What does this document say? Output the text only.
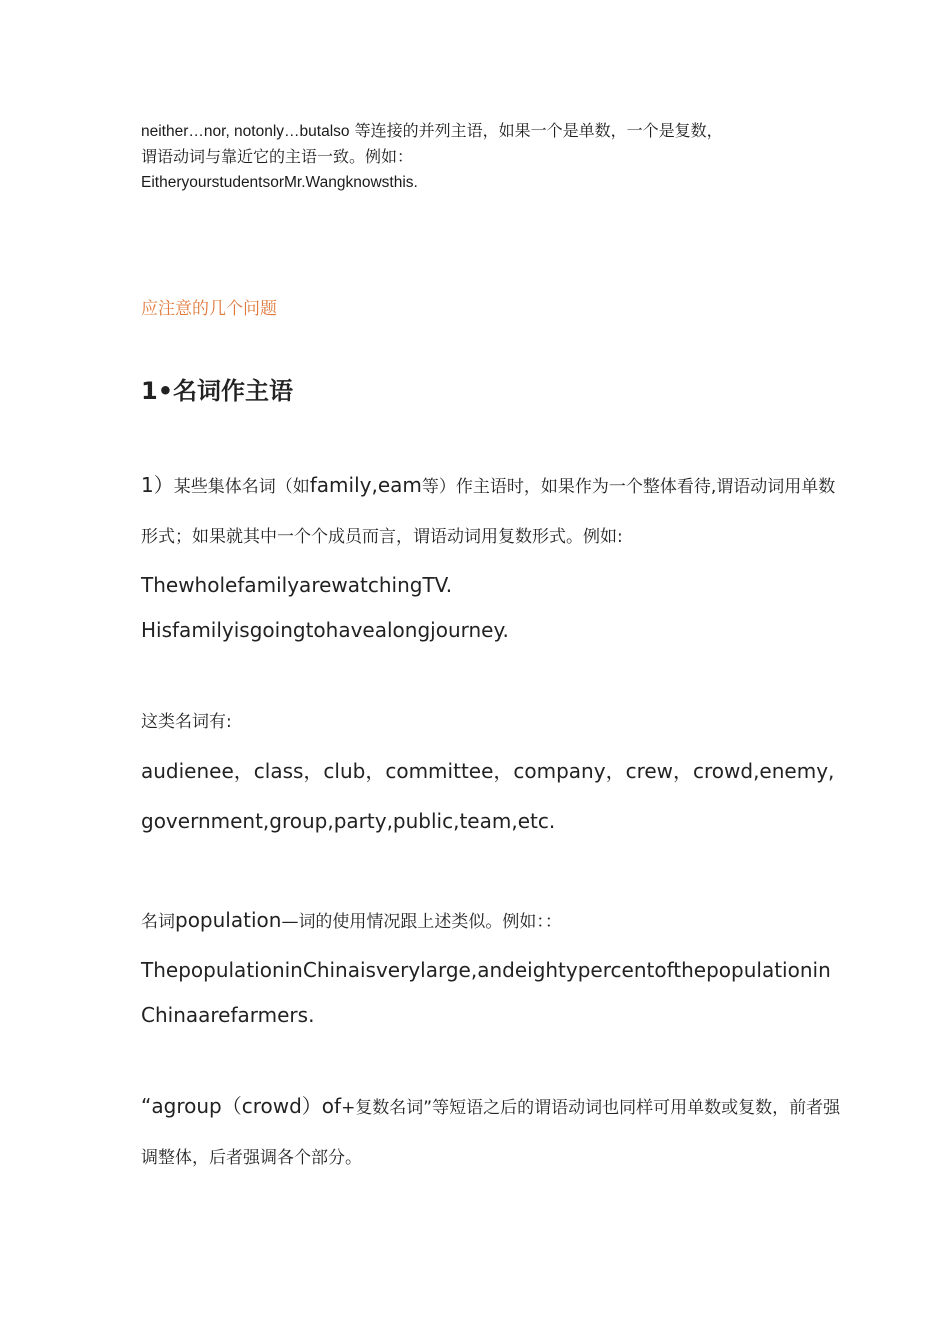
neither…nor, notonly…butalso 等连接的并列主语，如果一个是单数，一个是复数，
谓语动词与靠近它的主语一致。例如：
EitheryourstudentsorMr.Wangknowsthis.
应注意的几个问题
1•名词作主语
1）某些集体名词（如family,eam等）作主语时，如果作为一个整体看待,谓语动词用单数形式；如果就其中一个个成员而言，谓语动词用复数形式。例如:
ThewholefamilyarewatchingTV.
Hisfamilyisgoingtohavealongjourney.
这类名词有:
audienee，class，club，committee，company，crew，crowd,enemy,government,group,party,public,team,etc.
名词population—词的使用情况跟上述类似。例如：：
ThepopulationinChinaisverylarge,andeightypercentofthepopulationinChinaarefarmers.
“agroup（crowd）of+复数名词”等短语之后的谓语动词也同样可用单数或复数，前者强调整体，后者强调各个部分。
